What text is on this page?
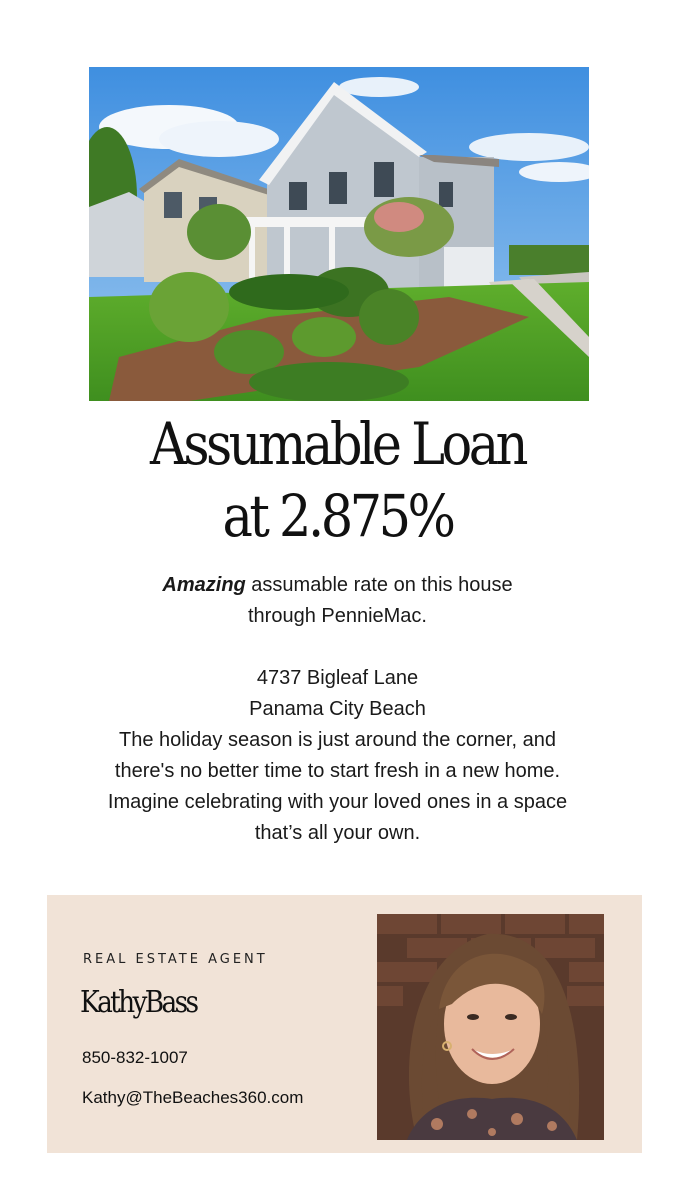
Assumable Loan
at 2.875%

Amazing assumable rate on this house

through PennieMac.

4737 Bigleaf Lane

Panama City Beach

The holiday season is just around the corner, and

there's no better time to start fresh in a new home.

Imagine celebrating with your loved ones in a space

that’s all your own.

REAL ESTATE AGENT
KathyBass
850-832-1007
Kathy@TheBeaches360.com
